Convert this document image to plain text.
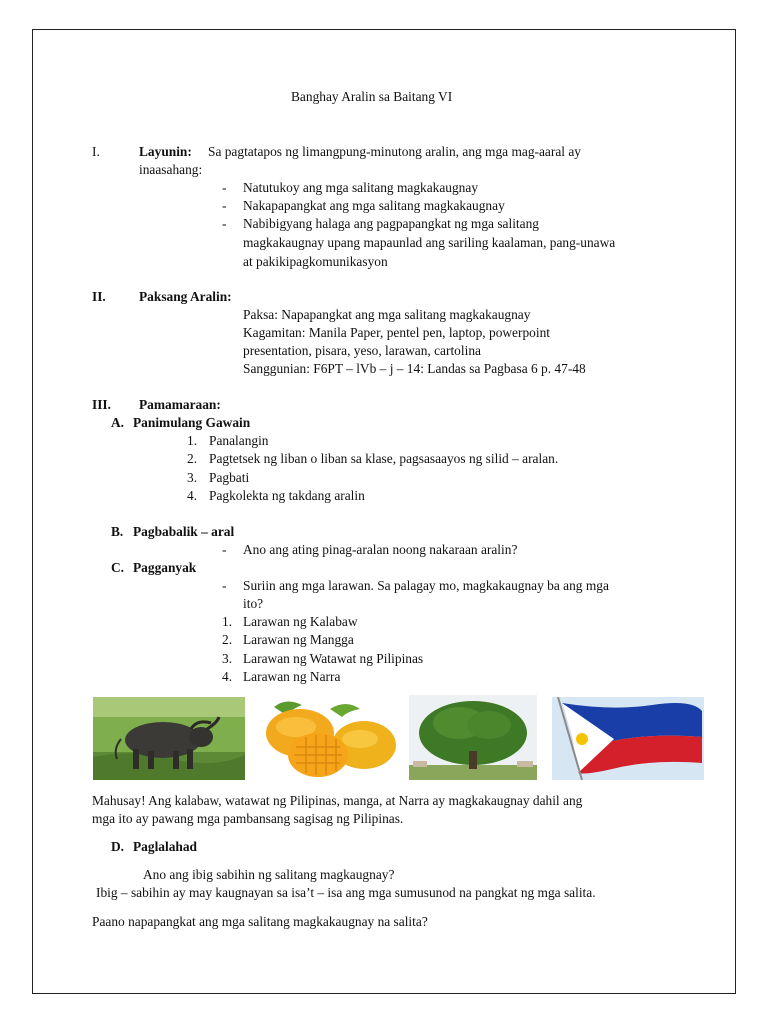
Banghay Aralin sa Baitang VI
I.	Layunin: Sa pagtatapos ng limangpung-minutong aralin, ang mga mag-aaral ay
inaasahang:
- Natutukoy ang mga salitang magkakaugnay
- Nakapapangkat ang mga salitang magkakaugnay
- Nabibigyang halaga ang pagpapangkat ng mga salitang
magkakaugnay upang mapaunlad ang sariling kaalaman, pang-unawa
at pakikipagkomunikasyon
II. Paksang Aralin:
Paksa: Napapangkat ang mga salitang magkakaugnay
Kagamitan: Manila Paper, pentel pen, laptop, powerpoint
presentation, pisara, yeso, larawan, cartolina
Sanggunian: F6PT – lVb – j – 14: Landas sa Pagbasa 6 p. 47-48
III. Pamamaraan:
A. Panimulang Gawain
1. Panalangin
2. Pagtetsek ng liban o liban sa klase, pagsasaayos ng silid – aralan.
3. Pagbati
4. Pagkolekta ng takdang aralin
B. Pagbabalik – aral
- Ano ang ating pinag-aralan noong nakaraan aralin?
C. Pagganyak
- Suriin ang mga larawan. Sa palagay mo, magkakaugnay ba ang mga
ito?
1. Larawan ng Kalabaw
2. Larawan ng Mangga
3. Larawan ng Watawat ng Pilipinas
4. Larawan ng Narra
Mahusay! Ang kalabaw, watawat ng Pilipinas, manga, at Narra ay magkakaugnay dahil ang
mga ito ay pawang mga pambansang sagisag ng Pilipinas.
D. Paglalahad
Ano ang ibig sabihin ng salitang magkaugnay?
Ibig – sabihin ay may kaugnayan sa isa’t – isa ang mga sumusunod na pangkat ng mga salita.
Paano napapangkat ang mga salitang magkakaugnay na salita?
